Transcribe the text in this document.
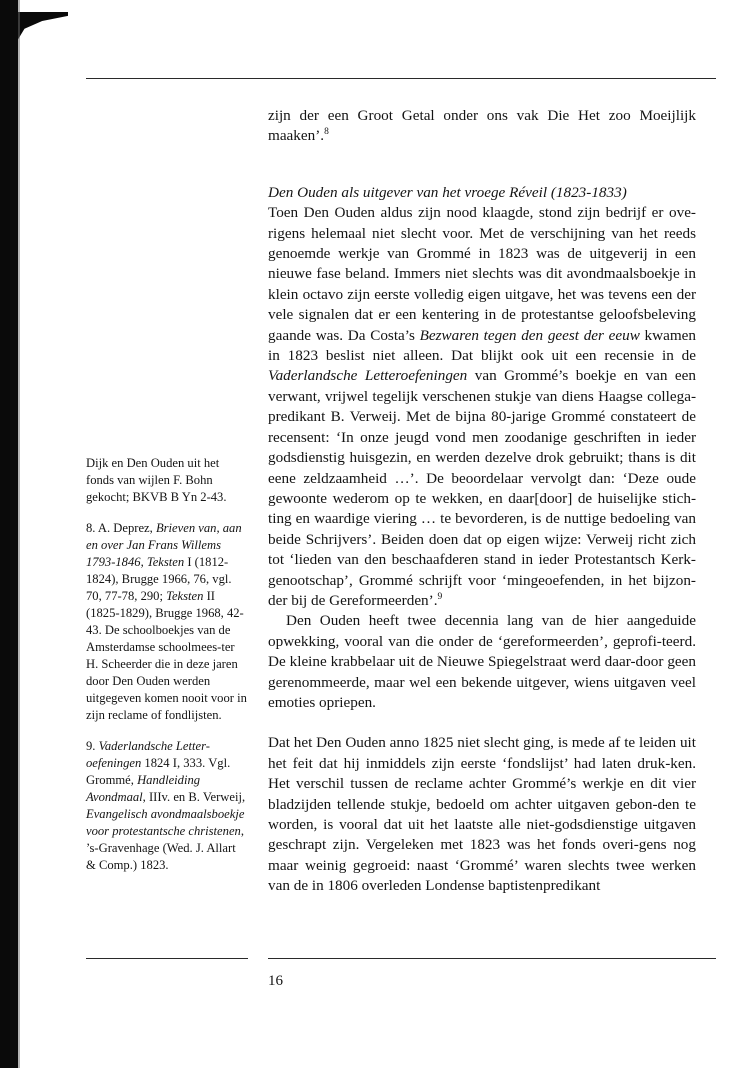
zijn der een Groot Getal onder ons vak Die Het zoo Moeijlijk maaken’.$^8$

Den Ouden als uitgever van het vroege Réveil (1823-1833)

Toen Den Ouden aldus zijn nood klaagde, stond zijn bedrijf er ove-rigens helemaal niet slecht voor. Met de verschijning van het reeds genoemde werkje van Grommé in 1823 was de uitgeverij in een nieuwe fase beland. Immers niet slechts was dit avondmaalsboekje in klein octavo zijn eerste volledig eigen uitgave, het was tevens een der vele signalen dat er een kentering in de protestantse geloofsbeleving gaande was. Da Costa’s Bezwaren tegen den geest der eeuw kwamen in 1823 beslist niet alleen. Dat blijkt ook uit een recensie in de Vaderlandsche Letteroefeningen van Grommé’s boekje en van een verwant, vrijwel tegelijk verschenen stukje van diens Haagse collega-predikant B. Verweij. Met de bijna 80-jarige Grommé constateert de recensent: ‘In onze jeugd vond men zoodanige geschriften in ieder godsdienstig huisgezin, en werden dezelve drok gebruikt; thans is dit eene zeldzaamheid …’. De beoordelaar vervolgt dan: ‘Deze oude gewoonte wederom op te wekken, en daar[door] de huiselijke stich-ting en waardige viering … te bevorderen, is de nuttige bedoeling van beide Schrijvers’. Beiden doen dat op eigen wijze: Verweij richt zich tot ‘lieden van den beschaafderen stand in ieder Protestantsch Kerk-genootschap’, Grommé schrijft voor ‘mingeoefenden, in het bijzon-der bij de Gereformeerden’.$^9$

Den Ouden heeft twee decennia lang van de hier aangeduide opwekking, vooral van die onder de ‘gereformeerden’, geprofi-teerd. De kleine krabbelaar uit de Nieuwe Spiegelstraat werd daar-door geen gerenommeerde, maar wel een bekende uitgever, wiens uitgaven veel emoties opriepen.

Dat het Den Ouden anno 1825 niet slecht ging, is mede af te leiden uit het feit dat hij inmiddels zijn eerste ‘fondslijst’ had laten druk-ken. Het verschil tussen de reclame achter Grommé’s werkje en dit vier bladzijden tellende stukje, bedoeld om achter uitgaven gebon-den te worden, is vooral dat uit het laatste alle niet-godsdienstige uitgaven geschrapt zijn. Vergeleken met 1823 was het fonds overi-gens nog maar weinig gegroeid: naast ‘Grommé’ waren slechts twee werken van de in 1806 overleden Londense baptistenpredikant

Dijk en Den Ouden uit het fonds van wijlen F. Bohn gekocht; BKVB B Yn 2-43.

8. A. Deprez, Brieven van, aan en over Jan Frans Willems 1793-1846, Teksten I (1812-1824), Brugge 1966, 76, vgl. 70, 77-78, 290; Teksten II (1825-1829), Brugge 1968, 42-43. De schoolboekjes van de Amsterdamse schoolmees-ter H. Scheerder die in deze jaren door Den Ouden werden uitgegeven komen nooit voor in zijn reclame of fondlijsten.

9. Vaderlandsche Letter-oefeningen 1824 I, 333. Vgl. Grommé, Handleiding Avondmaal, IIIv. en B. Verweij, Evangelisch avondmaalsboekje voor protestantsche christenen, ’s-Gravenhage (Wed. J. Allart & Comp.) 1823.

16
